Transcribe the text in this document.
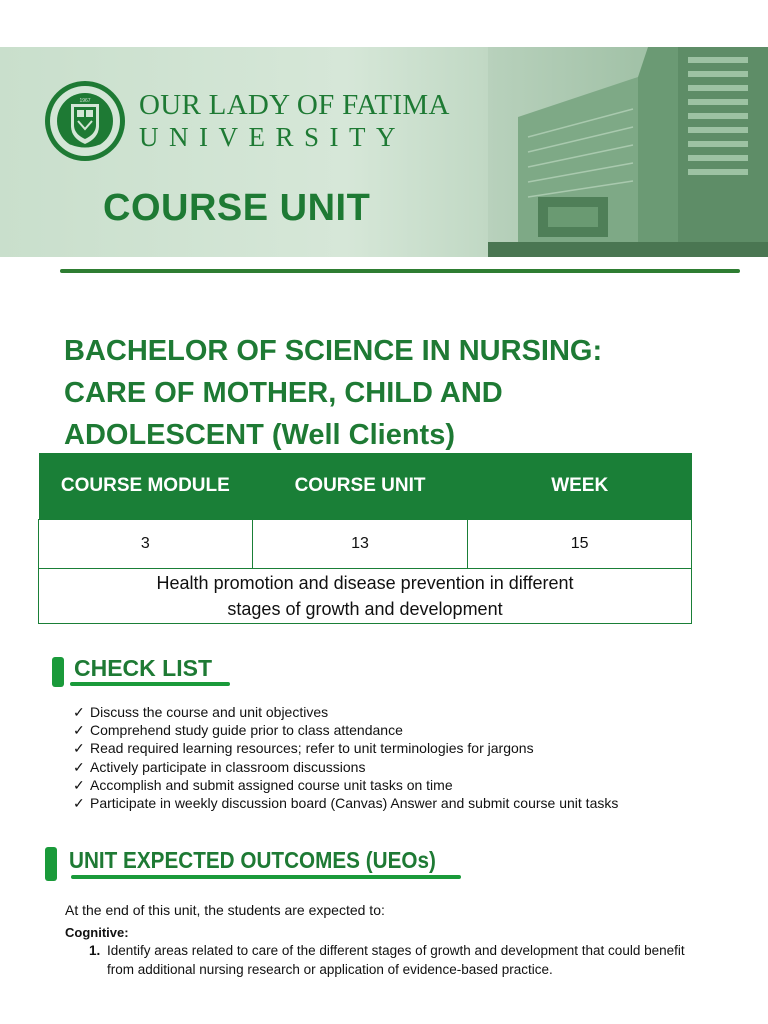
1967 OUR LADY OF FATIMA
UNIVERSITY
COURSE UNIT
BACHELOR OF SCIENCE IN NURSING:
CARE OF MOTHER, CHILD AND
ADOLESCENT (Well Clients)
COURSE MODULE	COURSE UNIT	WEEK
3	13	15

Health promotion and disease prevention in different
stages of growth and development		
CHECK LIST
✓ Discuss the course and unit objectives
✓ Comprehend study guide prior to class attendance
✓ Read required learning resources; refer to unit terminologies for jargons
✓ Actively participate in classroom discussions
✓ Accomplish and submit assigned course unit tasks on time
✓ Participate in weekly discussion board (Canvas) Answer and submit course unit tasks
UNIT EXPECTED OUTCOMES (UEOs)
At the end of this unit, the students are expected to:
Cognitive:
1. Identify areas related to care of the different stages of growth and development that could benefit
from additional nursing research or application of evidence-based practice.
